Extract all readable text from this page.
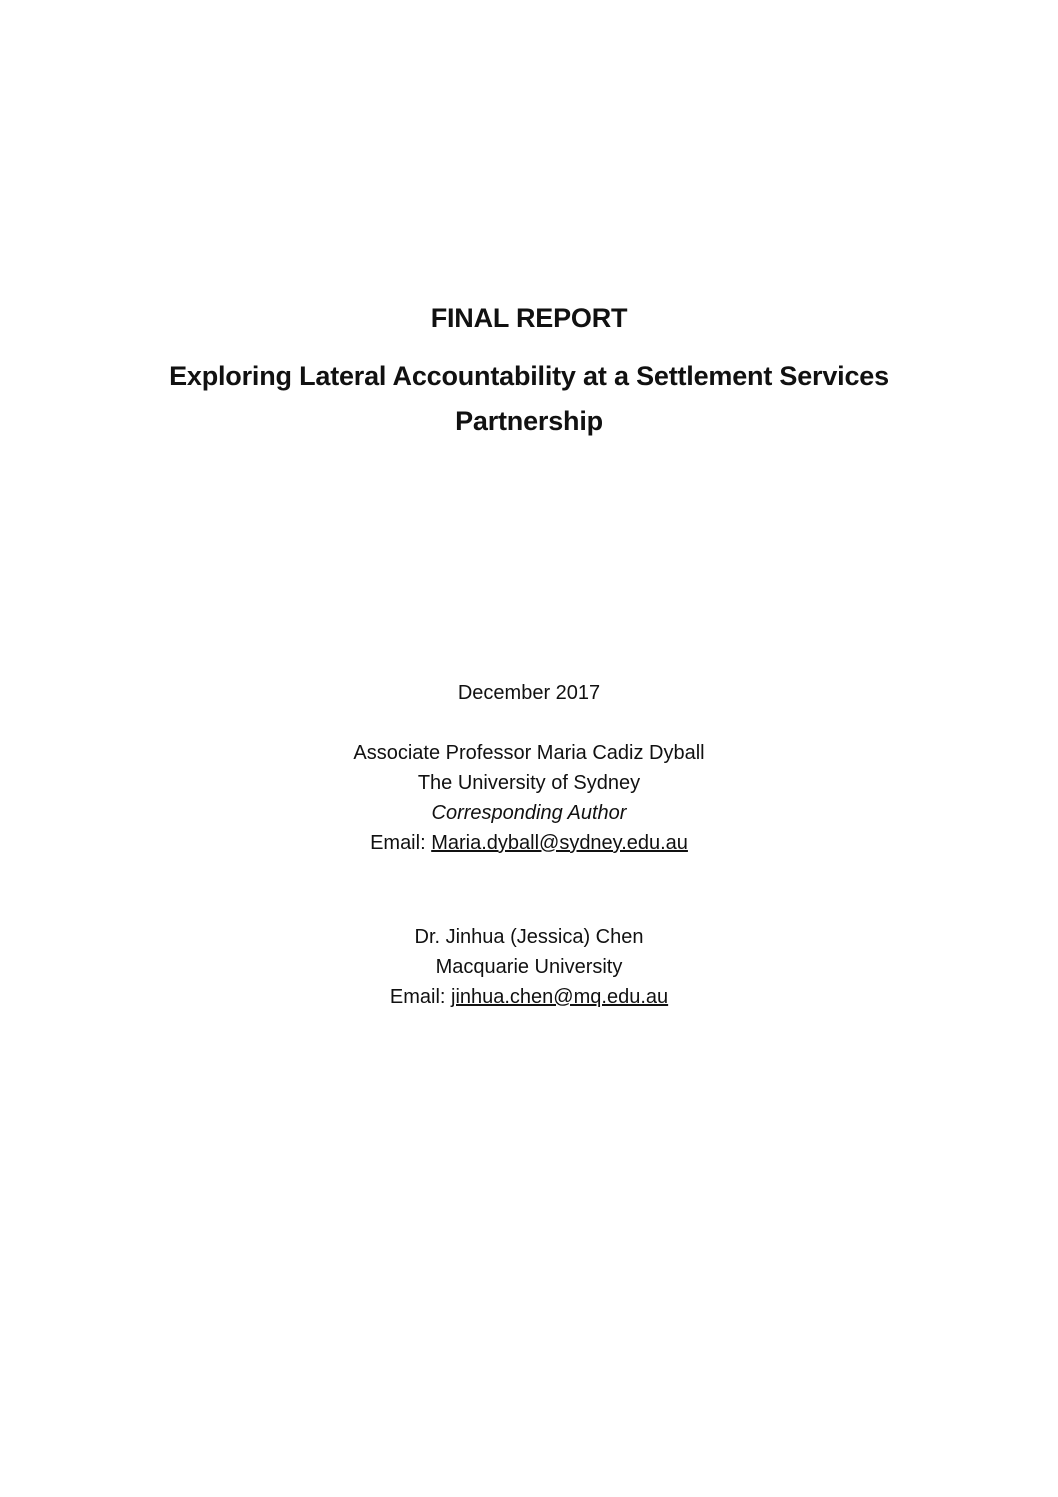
FINAL REPORT
Exploring Lateral Accountability at a Settlement Services
Partnership
December 2017
Associate Professor Maria Cadiz Dyball
The University of Sydney
Corresponding Author
Email: Maria.dyball@sydney.edu.au
Dr. Jinhua (Jessica) Chen
Macquarie University
Email: jinhua.chen@mq.edu.au
